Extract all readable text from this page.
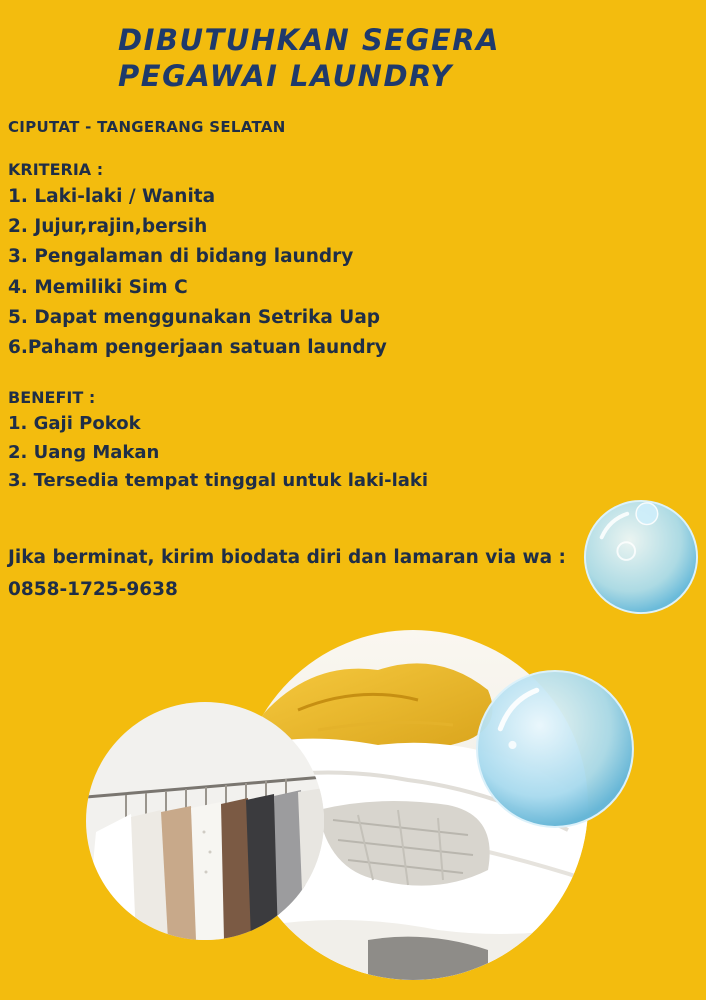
DIBUTUHKAN SEGERA
PEGAWAI LAUNDRY
CIPUTAT - TANGERANG SELATAN
KRITERIA :
1. Laki-laki / Wanita
2. Jujur,rajin,bersih
3. Pengalaman di bidang laundry
4. Memiliki Sim C
5. Dapat menggunakan Setrika Uap
6.Paham pengerjaan satuan laundry
BENEFIT :
1. Gaji Pokok
2. Uang Makan
3. Tersedia tempat tinggal untuk laki-laki
Jika berminat, kirim biodata diri dan lamaran via wa :
0858-1725-9638
